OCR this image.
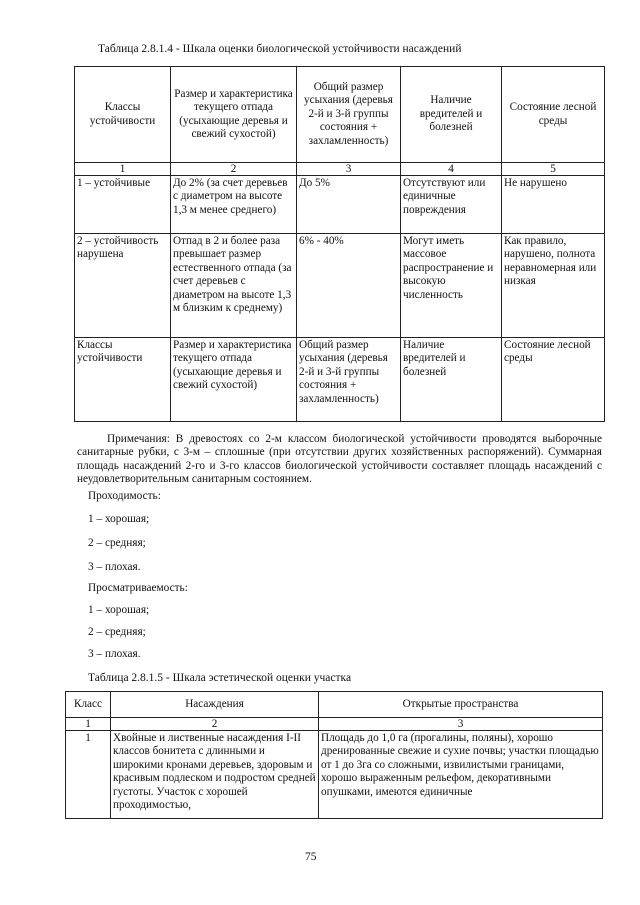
Таблица 2.8.1.4 - Шкала оценки биологической устойчивости насаждений
Классы устойчивости	Размер и характеристика текущего отпада (усыхающие деревья и свежий сухостой)	Общий размер усыхания (деревья 2-й и 3-й группы состояния + захламленность)	Наличие вредителей и болезней	Состояние лесной среды
1	2	3	4	5
1 – устойчивые	До 2% (за счет деревьев с диаметром на высоте 1,3 м менее среднего)	До 5%	Отсутствуют или единичные повреждения	Не нарушено
2 – устойчивость нарушена	Отпад в 2 и более раза превышает размер естественного отпада (за счет деревьев с диаметром на высоте 1,3 м близким к среднему)	6% - 40%	Могут иметь массовое распространение и высокую численность	Как правило, нарушено, полнота неравномерная или низкая
Классы устойчивости	Размер и характеристика текущего отпада (усыхающие деревья и свежий сухостой)	Общий размер усыхания (деревья 2-й и 3-й группы состояния + захламленность)	Наличие вредителей и болезней	Состояние лесной среды
Примечания: В древостоях со 2-м классом биологической устойчивости проводятся выборочные санитарные рубки, с 3-м – сплошные (при отсутствии других хозяйственных распоряжений). Суммарная площадь насаждений 2-го и 3-го классов биологической устойчивости составляет площадь насаждений с неудовлетворительным санитарным состоянием.
Проходимость:
1 – хорошая;
2 – средняя;
3 – плохая.
Просматриваемость:
1 – хорошая;
2 – средняя;
3 – плохая.
Таблица 2.8.1.5 - Шкала эстетической оценки участка
Класс	Насаждения	Открытые пространства
1	2	3
1	Хвойные и лиственные насаждения I-II классов бонитета с длинными и широкими кронами деревьев, здоровым и красивым подлеском и подростом средней густоты. Участок с хорошей проходимостью,	Площадь до 1,0 га (прогалины, поляны), хорошо дренированные свежие и сухие почвы; участки площадью от 1 до 3га со сложными, извилистыми границами, хорошо выраженным рельефом, декоративными опушками, имеются единичные
75
